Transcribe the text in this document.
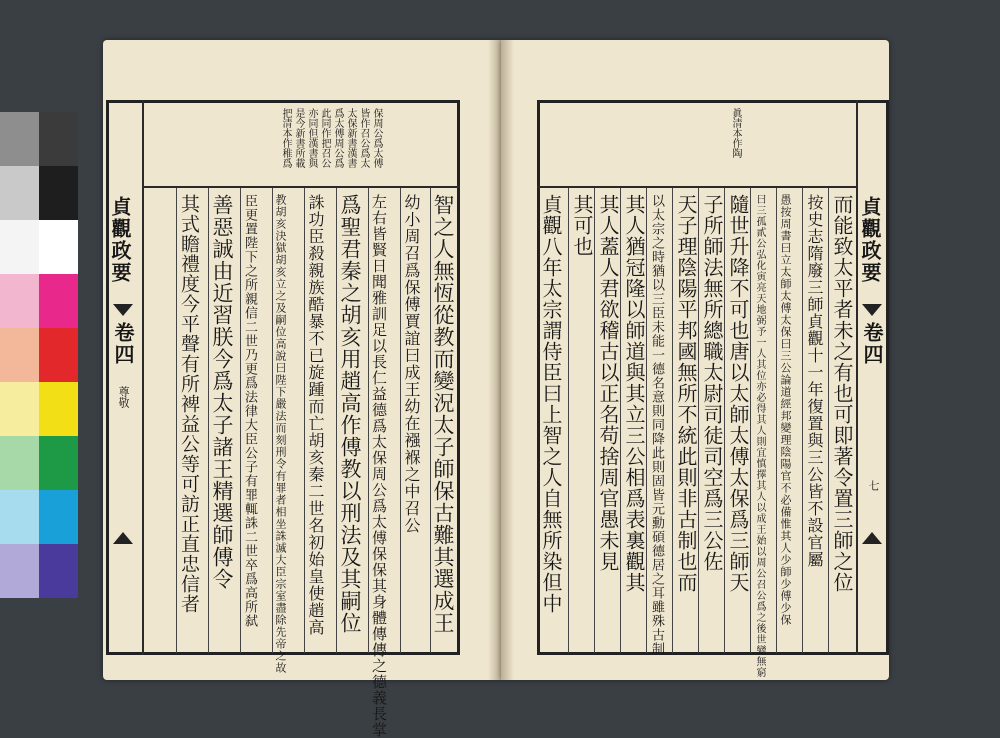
把清本作稚爲 是今新書所載 亦同但漢書與 此同作把召公 爲太傅周公爲 太保新書漢書 皆作召公爲太 保周公爲太傅
貞觀政要
卷四
尊敬	智之人無恆從教而變況太子師保古難其選成王
幼小周召爲保傅賈誼曰成王幼在襁褓之中召公
左右皆賢日聞雅訓足以長仁益德爲太保周公爲太傅保保其身體傳傳之德義長掌
爲聖君秦之胡亥用趙高作傅教以刑法及其嗣位
誅功臣殺親族酷暴不已旋踵而亡胡亥秦二世名初始皇使趙高
教胡亥決獄胡亥立之及嗣位高說曰陛下嚴法而刻刑令有罪者相坐誅滅大臣宗室盡除先帝之故
臣更置陛下之所親信二世乃更爲法律大臣公子有罪輒誅二世卒爲高所弑
善惡誠由近習朕今爲太子諸王精選師傅令
其式瞻禮度今平聲有所裨益公等可訪正直忠信者
眞清本作陶
貞觀政要
卷四
七
而能致太平者未之有也可即著令置三師之位
按史志隋廢三師貞觀十一年復置與三公皆不設官屬
愚按周書曰立太師太傅太保曰三公論道經邦變理陰陽官不必備惟其人少師少傅少保
曰三孤貳公弘化寅亮天地弼予一人其位亦必得其人則宜慎擇其人以成王始以周公召公爲之後世變無窮
隨世升降不可也唐以太師太傅太保爲三師天
子所師法無所總職太尉司徒司空爲三公佐
天子理陰陽平邦國無所不統此則非古制也而
以太宗之時猶以三臣未能一德名意則同降此則固皆元勳碩德居之耳雖殊古制
其人猶冠隆以師道與其立三公相爲表裏觀其
其人蓋人君欲稽古以正名苟捨周官愚未見
其可也
貞觀八年太宗謂侍臣曰上智之人自無所染但中
